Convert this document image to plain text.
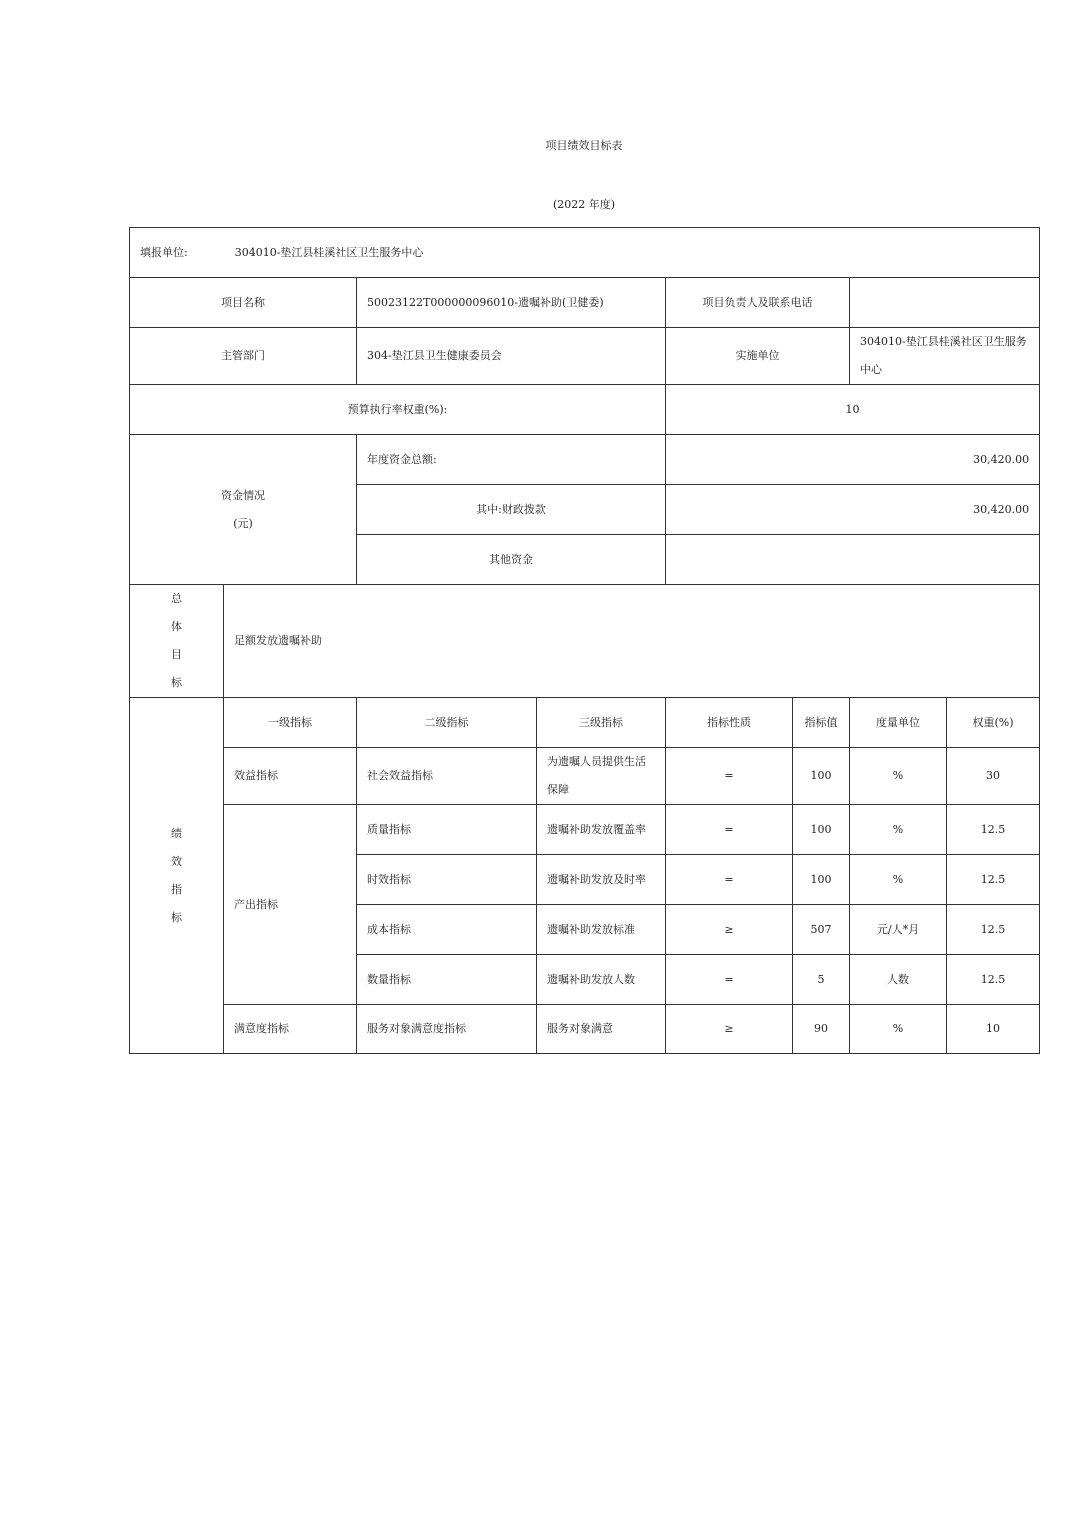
项目绩效目标表
(2022 年度)
填报单位: 304010-垫江县桂溪社区卫生服务中心							
项目名称		50023122T000000096010-遗嘱补助(卫健委)		项目负责人及联系电话			
主管部门		304-垫江县卫生健康委员会		实施单位		304010-垫江县桂溪社区卫生服务中心	
预算执行率权重(%):				10			
资金情况
(元)		年度资金总额:		30,420.00			
		其中:财政拨款		30,420.00			
		其他资金					

总
体
目
标	足额发放遗嘱补助						

绩
效
指
标	一级指标	二级指标	三级指标	指标性质	指标值	度量单位	权重(%)
	效益指标	社会效益指标	为遗嘱人员提供生活保障	=	100	%	30
	产出指标	质量指标	遗嘱补助发放覆盖率	=	100	%	12.5
		时效指标	遗嘱补助发放及时率	=	100	%	12.5
		成本指标	遗嘱补助发放标准	≥	507	元/人*月	12.5
		数量指标	遗嘱补助发放人数	=	5	人数	12.5
	满意度指标	服务对象满意度指标	服务对象满意	≥	90	%	10
